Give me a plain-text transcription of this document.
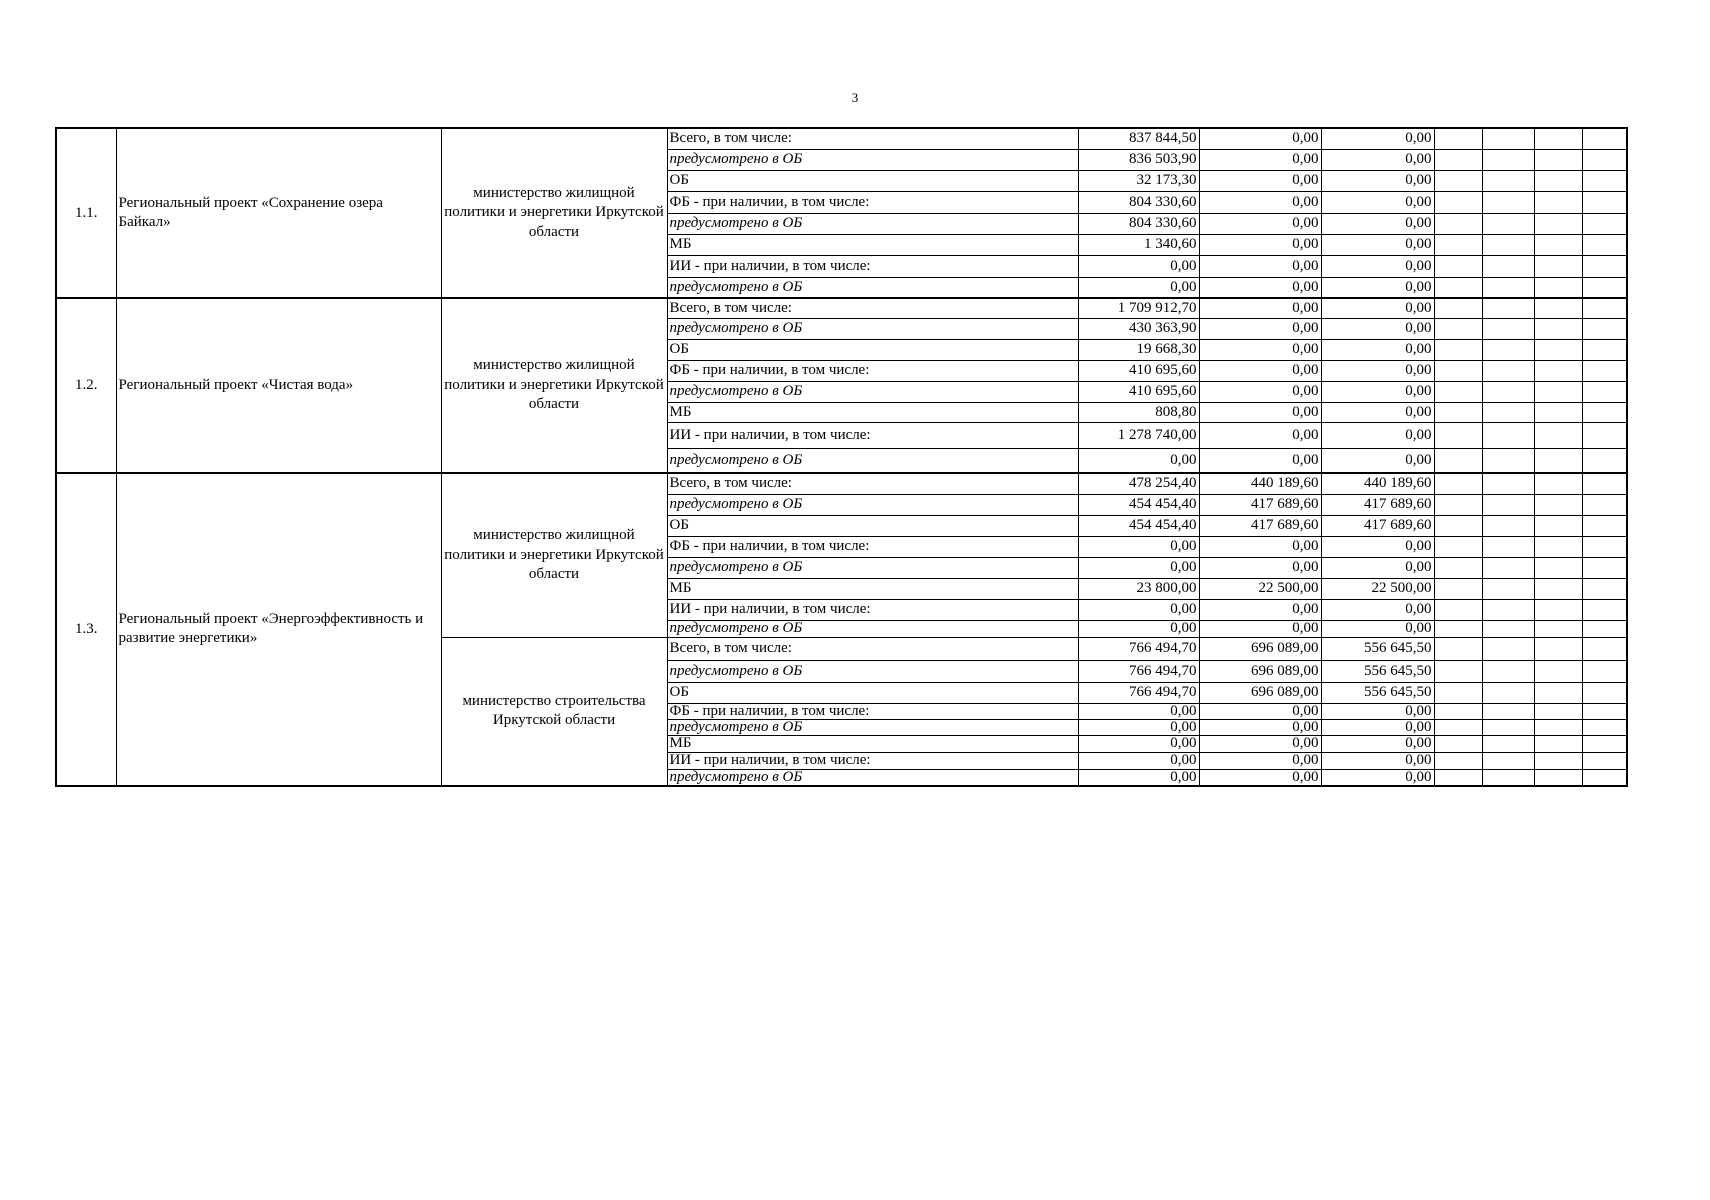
3
1.1.	Региональный проект «Сохранение озера Байкал»	министерство жилищной политики и энергетики Иркутской области	Всего, в том числе:	837 844,50	0,00	0,00				
			предусмотрено в ОБ	836 503,90	0,00	0,00				
			ОБ	32 173,30	0,00	0,00				
			ФБ - при наличии, в том числе:	804 330,60	0,00	0,00				
			предусмотрено в ОБ	804 330,60	0,00	0,00				
			МБ	1 340,60	0,00	0,00				
			ИИ - при наличии, в том числе:	0,00	0,00	0,00				
			предусмотрено в ОБ	0,00	0,00	0,00				
1.2.	Региональный проект «Чистая вода»	министерство жилищной политики и энергетики Иркутской области	Всего, в том числе:	1 709 912,70	0,00	0,00				
			предусмотрено в ОБ	430 363,90	0,00	0,00				
			ОБ	19 668,30	0,00	0,00				
			ФБ - при наличии, в том числе:	410 695,60	0,00	0,00				
			предусмотрено в ОБ	410 695,60	0,00	0,00				
			МБ	808,80	0,00	0,00				
			ИИ - при наличии, в том числе:	1 278 740,00	0,00	0,00				
			предусмотрено в ОБ	0,00	0,00	0,00				
1.3.	Региональный проект «Энергоэффективность и развитие энергетики»	министерство жилищной политики и энергетики Иркутской области	Всего, в том числе:	478 254,40	440 189,60	440 189,60				
			предусмотрено в ОБ	454 454,40	417 689,60	417 689,60				
			ОБ	454 454,40	417 689,60	417 689,60				
			ФБ - при наличии, в том числе:	0,00	0,00	0,00				
			предусмотрено в ОБ	0,00	0,00	0,00				
			МБ	23 800,00	22 500,00	22 500,00				
			ИИ - при наличии, в том числе:	0,00	0,00	0,00				
			предусмотрено в ОБ	0,00	0,00	0,00				
		министерство строительства Иркутской области	Всего, в том числе:	766 494,70	696 089,00	556 645,50				
			предусмотрено в ОБ	766 494,70	696 089,00	556 645,50				
			ОБ	766 494,70	696 089,00	556 645,50				
			ФБ - при наличии, в том числе:	0,00	0,00	0,00				
			предусмотрено в ОБ	0,00	0,00	0,00				
			МБ	0,00	0,00	0,00				
			ИИ - при наличии, в том числе:	0,00	0,00	0,00				
			предусмотрено в ОБ	0,00	0,00	0,00				
